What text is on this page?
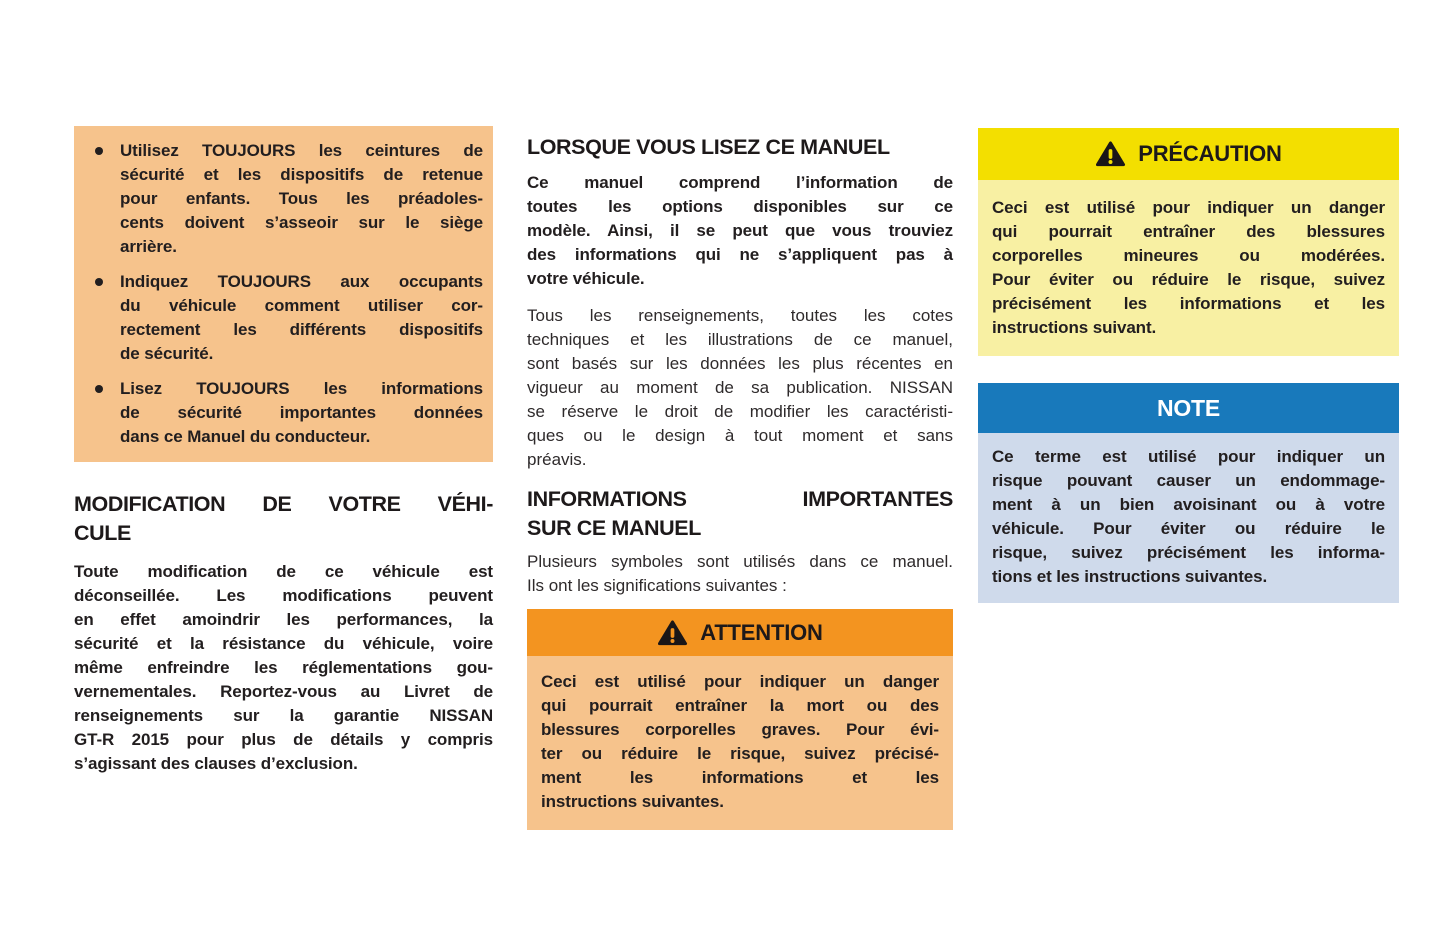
Utilisez TOUJOURS les ceintures de
sécurité et les dispositifs de retenue
pour enfants. Tous les préadoles-
cents doivent s’asseoir sur le siège
arrière.
Indiquez TOUJOURS aux occupants
du véhicule comment utiliser cor-
rectement les différents dispositifs
de sécurité.
Lisez TOUJOURS les informations
de sécurité importantes données
dans ce Manuel du conducteur.
MODIFICATION DE VOTRE VÉHI-
CULE
Toute modification de ce véhicule est
déconseillée. Les modifications peuvent
en effet amoindrir les performances, la
sécurité et la résistance du véhicule, voire
même enfreindre les réglementations gou-
vernementales. Reportez-vous au Livret de
renseignements sur la garantie NISSAN
GT-R 2015 pour plus de détails y compris
s’agissant des clauses d’exclusion.
LORSQUE VOUS LISEZ CE MANUEL
Ce manuel comprend l’information de
toutes les options disponibles sur ce
modèle. Ainsi, il se peut que vous trouviez
des informations qui ne s’appliquent pas à
votre véhicule.
Tous les renseignements, toutes les cotes
techniques et les illustrations de ce manuel,
sont basés sur les données les plus récentes en
vigueur au moment de sa publication. NISSAN
se réserve le droit de modifier les caractéristi-
ques ou le design à tout moment et sans
préavis.
INFORMATIONS IMPORTANTES
SUR CE MANUEL
Plusieurs symboles sont utilisés dans ce manuel.
Ils ont les significations suivantes :
ATTENTION
Ceci est utilisé pour indiquer un danger
qui pourrait entraîner la mort ou des
blessures corporelles graves. Pour évi-
ter ou réduire le risque, suivez précisé-
ment les informations et les
instructions suivantes.
PRÉCAUTION
Ceci est utilisé pour indiquer un danger
qui pourrait entraîner des blessures
corporelles mineures ou modérées.
Pour éviter ou réduire le risque, suivez
précisément les informations et les
instructions suivant.
NOTE
Ce terme est utilisé pour indiquer un
risque pouvant causer un endommage-
ment à un bien avoisinant ou à votre
véhicule. Pour éviter ou réduire le
risque, suivez précisément les informa-
tions et les instructions suivantes.
